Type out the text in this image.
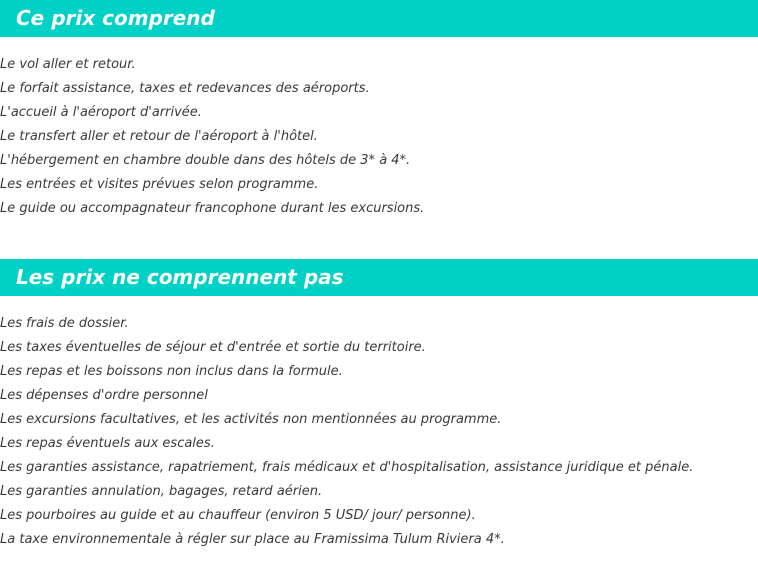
Ce prix comprend
Le vol aller et retour.
Le forfait assistance, taxes et redevances des aéroports.
L'accueil à l'aéroport d'arrivée.
Le transfert aller et retour de l'aéroport à l'hôtel.
L'hébergement en chambre double dans des hôtels de 3* à 4*.
Les entrées et visites prévues selon programme.
Le guide ou accompagnateur francophone durant les excursions.
Les prix ne comprennent pas
Les frais de dossier.
Les taxes éventuelles de séjour et d'entrée et sortie du territoire.
Les repas et les boissons non inclus dans la formule.
Les dépenses d'ordre personnel
Les excursions facultatives, et les activités non mentionnées au programme.
Les repas éventuels aux escales.
Les garanties assistance, rapatriement, frais médicaux et d'hospitalisation, assistance juridique et pénale.
Les garanties annulation, bagages, retard aérien.
Les pourboires au guide et au chauffeur (environ 5 USD/ jour/ personne).
La taxe environnementale à régler sur place au Framissima Tulum Riviera 4*.
